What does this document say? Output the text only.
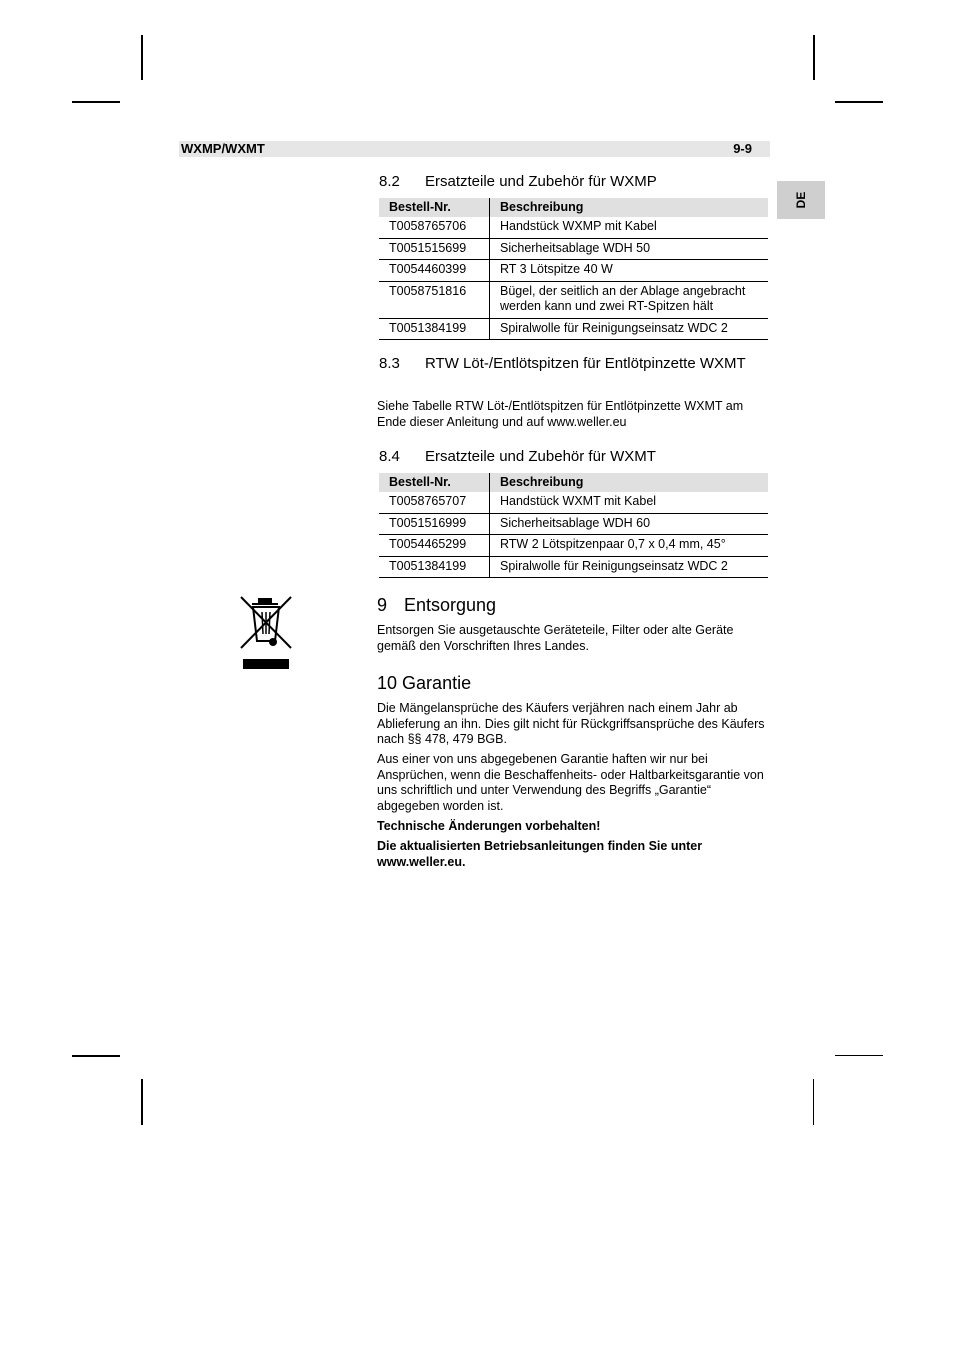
WXMP/WXMT	9-9
DE
8.2 Ersatzteile und Zubehör für WXMP
Bestell-Nr.	Beschreibung
T0058765706	Handstück WXMP mit Kabel
T0051515699	Sicherheitsablage WDH 50
T0054460399	RT 3 Lötspitze 40 W
T0058751816	Bügel, der seitlich an der Ablage angebracht werden kann und zwei RT-Spitzen hält
T0051384199	Spiralwolle für Reinigungseinsatz WDC 2
8.3 RTW Löt-/Entlötspitzen für Entlötpinzette WXMT
Siehe Tabelle RTW Löt-/Entlötspitzen für Entlötpinzette WXMT am Ende dieser Anleitung und auf www.weller.eu
8.4 Ersatzteile und Zubehör für WXMT
Bestell-Nr.	Beschreibung
T0058765707	Handstück WXMT mit Kabel
T0051516999	Sicherheitsablage WDH 60
T0054465299	RTW 2 Lötspitzenpaar 0,7 x 0,4 mm, 45°
T0051384199	Spiralwolle für Reinigungseinsatz WDC 2
9 Entsorgung
Entsorgen Sie ausgetauschte Geräteteile, Filter oder alte Geräte gemäß den Vorschriften Ihres Landes.
10 Garantie
Die Mängelansprüche des Käufers verjähren nach einem Jahr ab Ablieferung an ihn. Dies gilt nicht für Rückgriffsansprüche des Käufers nach §§ 478, 479 BGB.
Aus einer von uns abgegebenen Garantie haften wir nur bei Ansprüchen, wenn die Beschaffenheits- oder Haltbarkeitsgarantie von uns schriftlich und unter Verwendung des Begriffs „Garantie“ abgegeben worden ist.
Technische Änderungen vorbehalten!
Die aktualisierten Betriebsanleitungen finden Sie unter www.weller.eu.
